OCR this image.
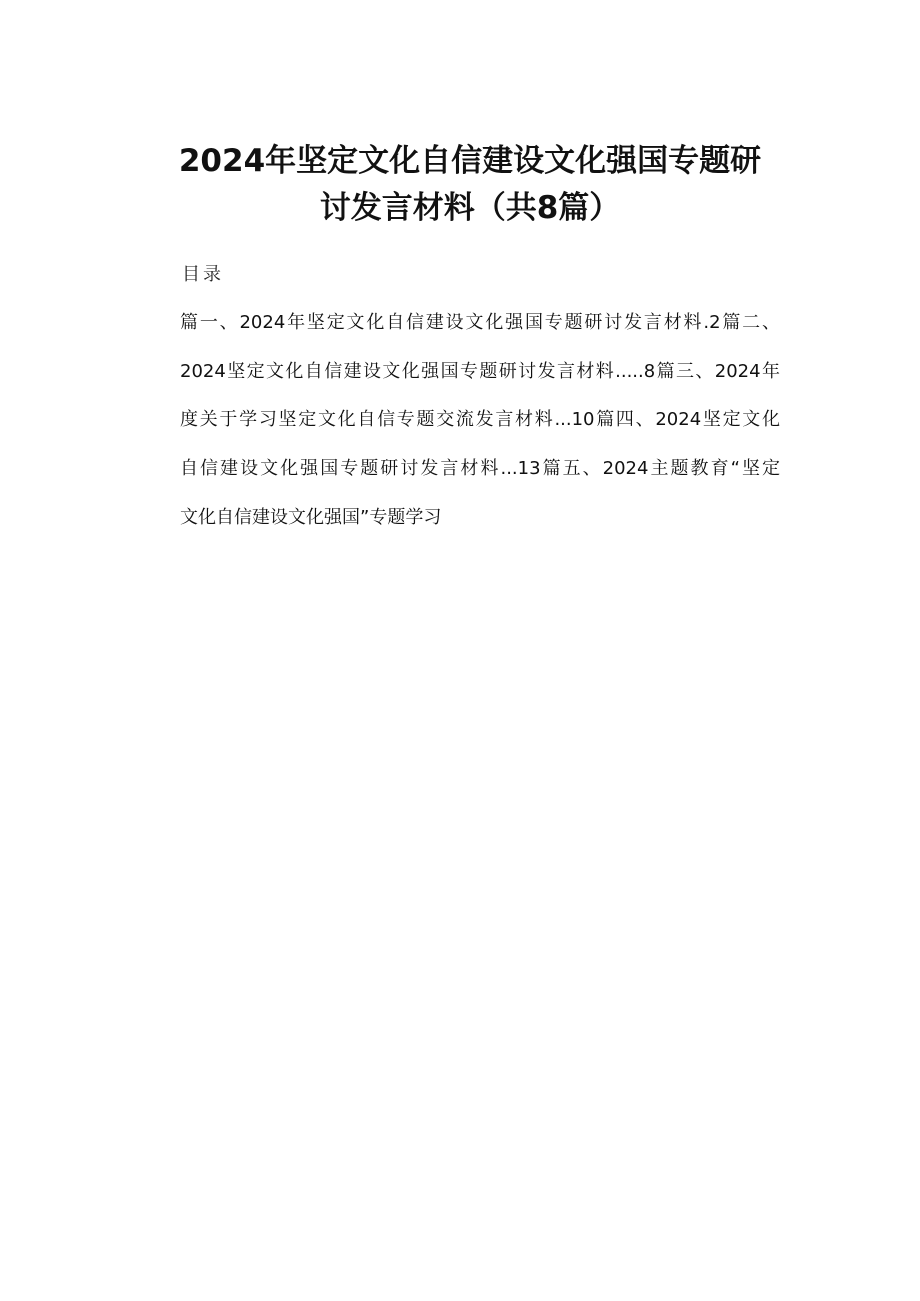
2024年坚定文化自信建设文化强国专题研
讨发言材料（共8篇）
目录
篇一、2024年坚定文化自信建设文化强国专题研讨发言材料.2篇二、
2024坚定文化自信建设文化强国专题研讨发言材料.....8篇三、2024年
度关于学习坚定文化自信专题交流发言材料...10篇四、2024坚定文化
自信建设文化强国专题研讨发言材料...13篇五、2024主题教育“坚定
文化自信建设文化强国”专题学习
